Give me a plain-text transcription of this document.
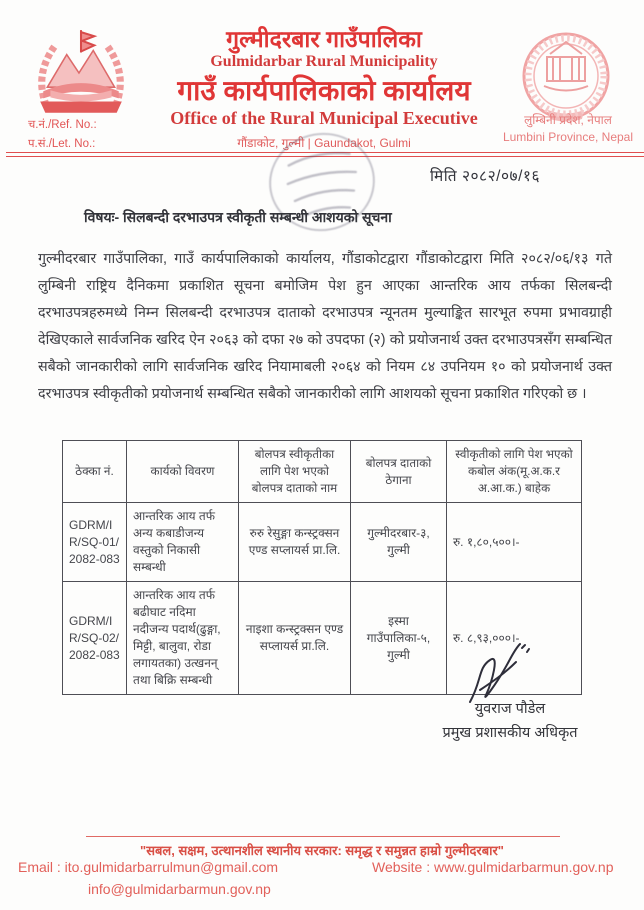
गुल्मीदरबार गाउँपालिका
Gulmidarbar Rural Municipality
गाउँ कार्यपालिकाको कार्यालय
Office of the Rural Municipal Executive
गौंडाकोट, गुल्मी | Gaundakot, Gulmi
च.नं./Ref. No.:
प.सं./Let. No.:
लुम्बिनी प्रदेश, नेपाल
Lumbini Province, Nepal
मिति २०८२/०७/१६
विषयः- सिलबन्दी दरभाउपत्र स्वीकृती सम्बन्धी आशयको सूचना
गुल्मीदरबार गाउँपालिका, गाउँ कार्यपालिकाको कार्यालय, गौंडाकोटद्वारा गौंडाकोटद्वारा मिति २०८२/०६/१३ गते लुम्बिनी राष्ट्रिय दैनिकमा प्रकाशित सूचना बमोजिम पेश हुन आएका आन्तरिक आय तर्फका सिलबन्दी दरभाउपत्रहरुमध्ये निम्न सिलबन्दी दरभाउपत्र दाताको दरभाउपत्र न्यूनतम मुल्याङ्कित सारभूत रुपमा प्रभावग्राही देखिएकाले सार्वजनिक खरिद ऐन २०६३ को दफा २७ को उपदफा (२) को प्रयोजनार्थ उक्त दरभाउपत्रसँग सम्बन्धित सबैको जानकारीको लागि सार्वजनिक खरिद नियामाबली २०६४ को नियम ८४ उपनियम १० को प्रयोजनार्थ उक्त दरभाउपत्र स्वीकृतीको प्रयोजनार्थ सम्बन्धित सबैको जानकारीको लागि आशयको सूचना प्रकाशित गरिएको छ ।
ठेक्का नं.	कार्यको विवरण	बोलपत्र स्वीकृतीका लागि पेश भएको बोलपत्र दाताको नाम	बोलपत्र दाताको ठेगाना	स्वीकृतीको लागि पेश भएको कबोल अंक(मू.अ.क.र अ.आ.क.) बाहेक
GDRM/IR/SQ-01/2082-083	आन्तरिक आय तर्फ अन्य कबाडीजन्य वस्तुको निकासी सम्बन्धी	रुरु रेसुङ्गा कन्स्ट्रक्सन एण्ड सप्लायर्स प्रा.लि.	गुल्मीदरबार-३, गुल्मी	रु. १,८०,५००।-
GDRM/IR/SQ-02/2082-083	आन्तरिक आय तर्फ बढीघाट नदिमा नदीजन्य पदार्थ(ढुङ्गा, मिट्टी, बालुवा, रोडा लगायतका) उत्खनन् तथा बिक्रि सम्बन्धी	नाइशा कन्स्ट्रक्सन एण्ड सप्लायर्स प्रा.लि.	इस्मा गाउँपालिका-५, गुल्मी	रु. ८,९३,०००।-
युवराज पौडेल
प्रमुख प्रशासकीय अधिकृत
"सबल, सक्षम, उत्थानशील स्थानीय सरकार: समृद्ध र समुन्नत हाम्रो गुल्मीदरबार"
Email : ito.gulmidarbarrulmun@gmail.com	Website : www.gulmidarbarmun.gov.np
info@gulmidarbarmun.gov.np
